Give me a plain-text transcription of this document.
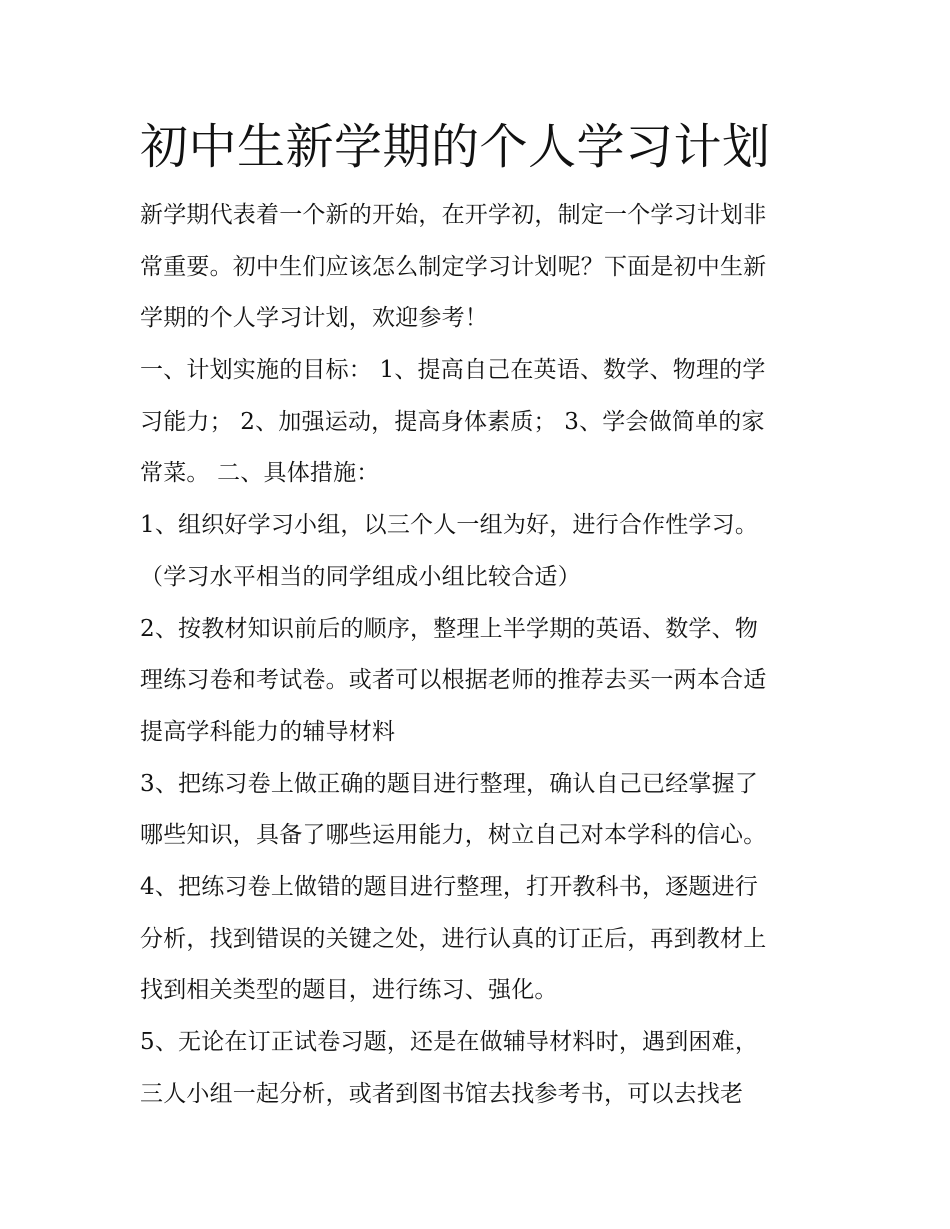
初中生新学期的个人学习计划
新学期代表着一个新的开始，在开学初，制定一个学习计划非
常重要。初中生们应该怎么制定学习计划呢？下面是初中生新
学期的个人学习计划，欢迎参考！
一、计划实施的目标： 1、提高自己在英语、数学、物理的学
习能力； 2、加强运动，提高身体素质； 3、学会做简单的家
常菜。 二、具体措施：
1、组织好学习小组，以三个人一组为好，进行合作性学习。
（学习水平相当的同学组成小组比较合适）
2、按教材知识前后的顺序，整理上半学期的英语、数学、物
理练习卷和考试卷。或者可以根据老师的推荐去买一两本合适
提高学科能力的辅导材料
3、把练习卷上做正确的题目进行整理，确认自己已经掌握了
哪些知识，具备了哪些运用能力，树立自己对本学科的信心。
4、把练习卷上做错的题目进行整理，打开教科书，逐题进行
分析，找到错误的关键之处，进行认真的订正后，再到教材上
找到相关类型的题目，进行练习、强化。
5、无论在订正试卷习题，还是在做辅导材料时，遇到困难，
三人小组一起分析，或者到图书馆去找参考书，可以去找老
